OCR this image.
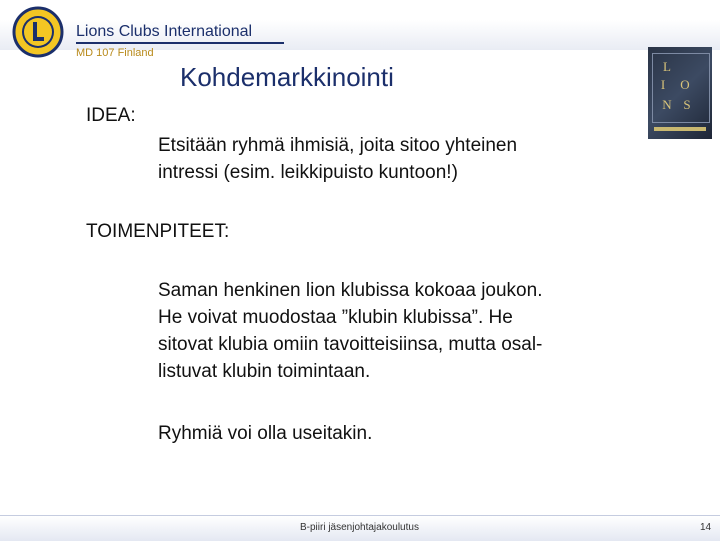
Lions Clubs International
MD 107 Finland
Kohdemarkkinointi	L
I	O
N S
IDEA:
Etsitään ryhmä ihmisiä, joita sitoo yhteinen
intressi (esim. leikkipuisto kuntoon!)
TOIMENPITEET:
Saman henkinen lion klubissa kokoaa joukon.
He voivat muodostaa ”klubin klubissa”. He
sitovat klubia omiin tavoitteisiinsa, mutta osal-
listuvat klubin toimintaan.
Ryhmiä voi olla useitakin.
B-piiri jäsenjohtajakoulutus	14
